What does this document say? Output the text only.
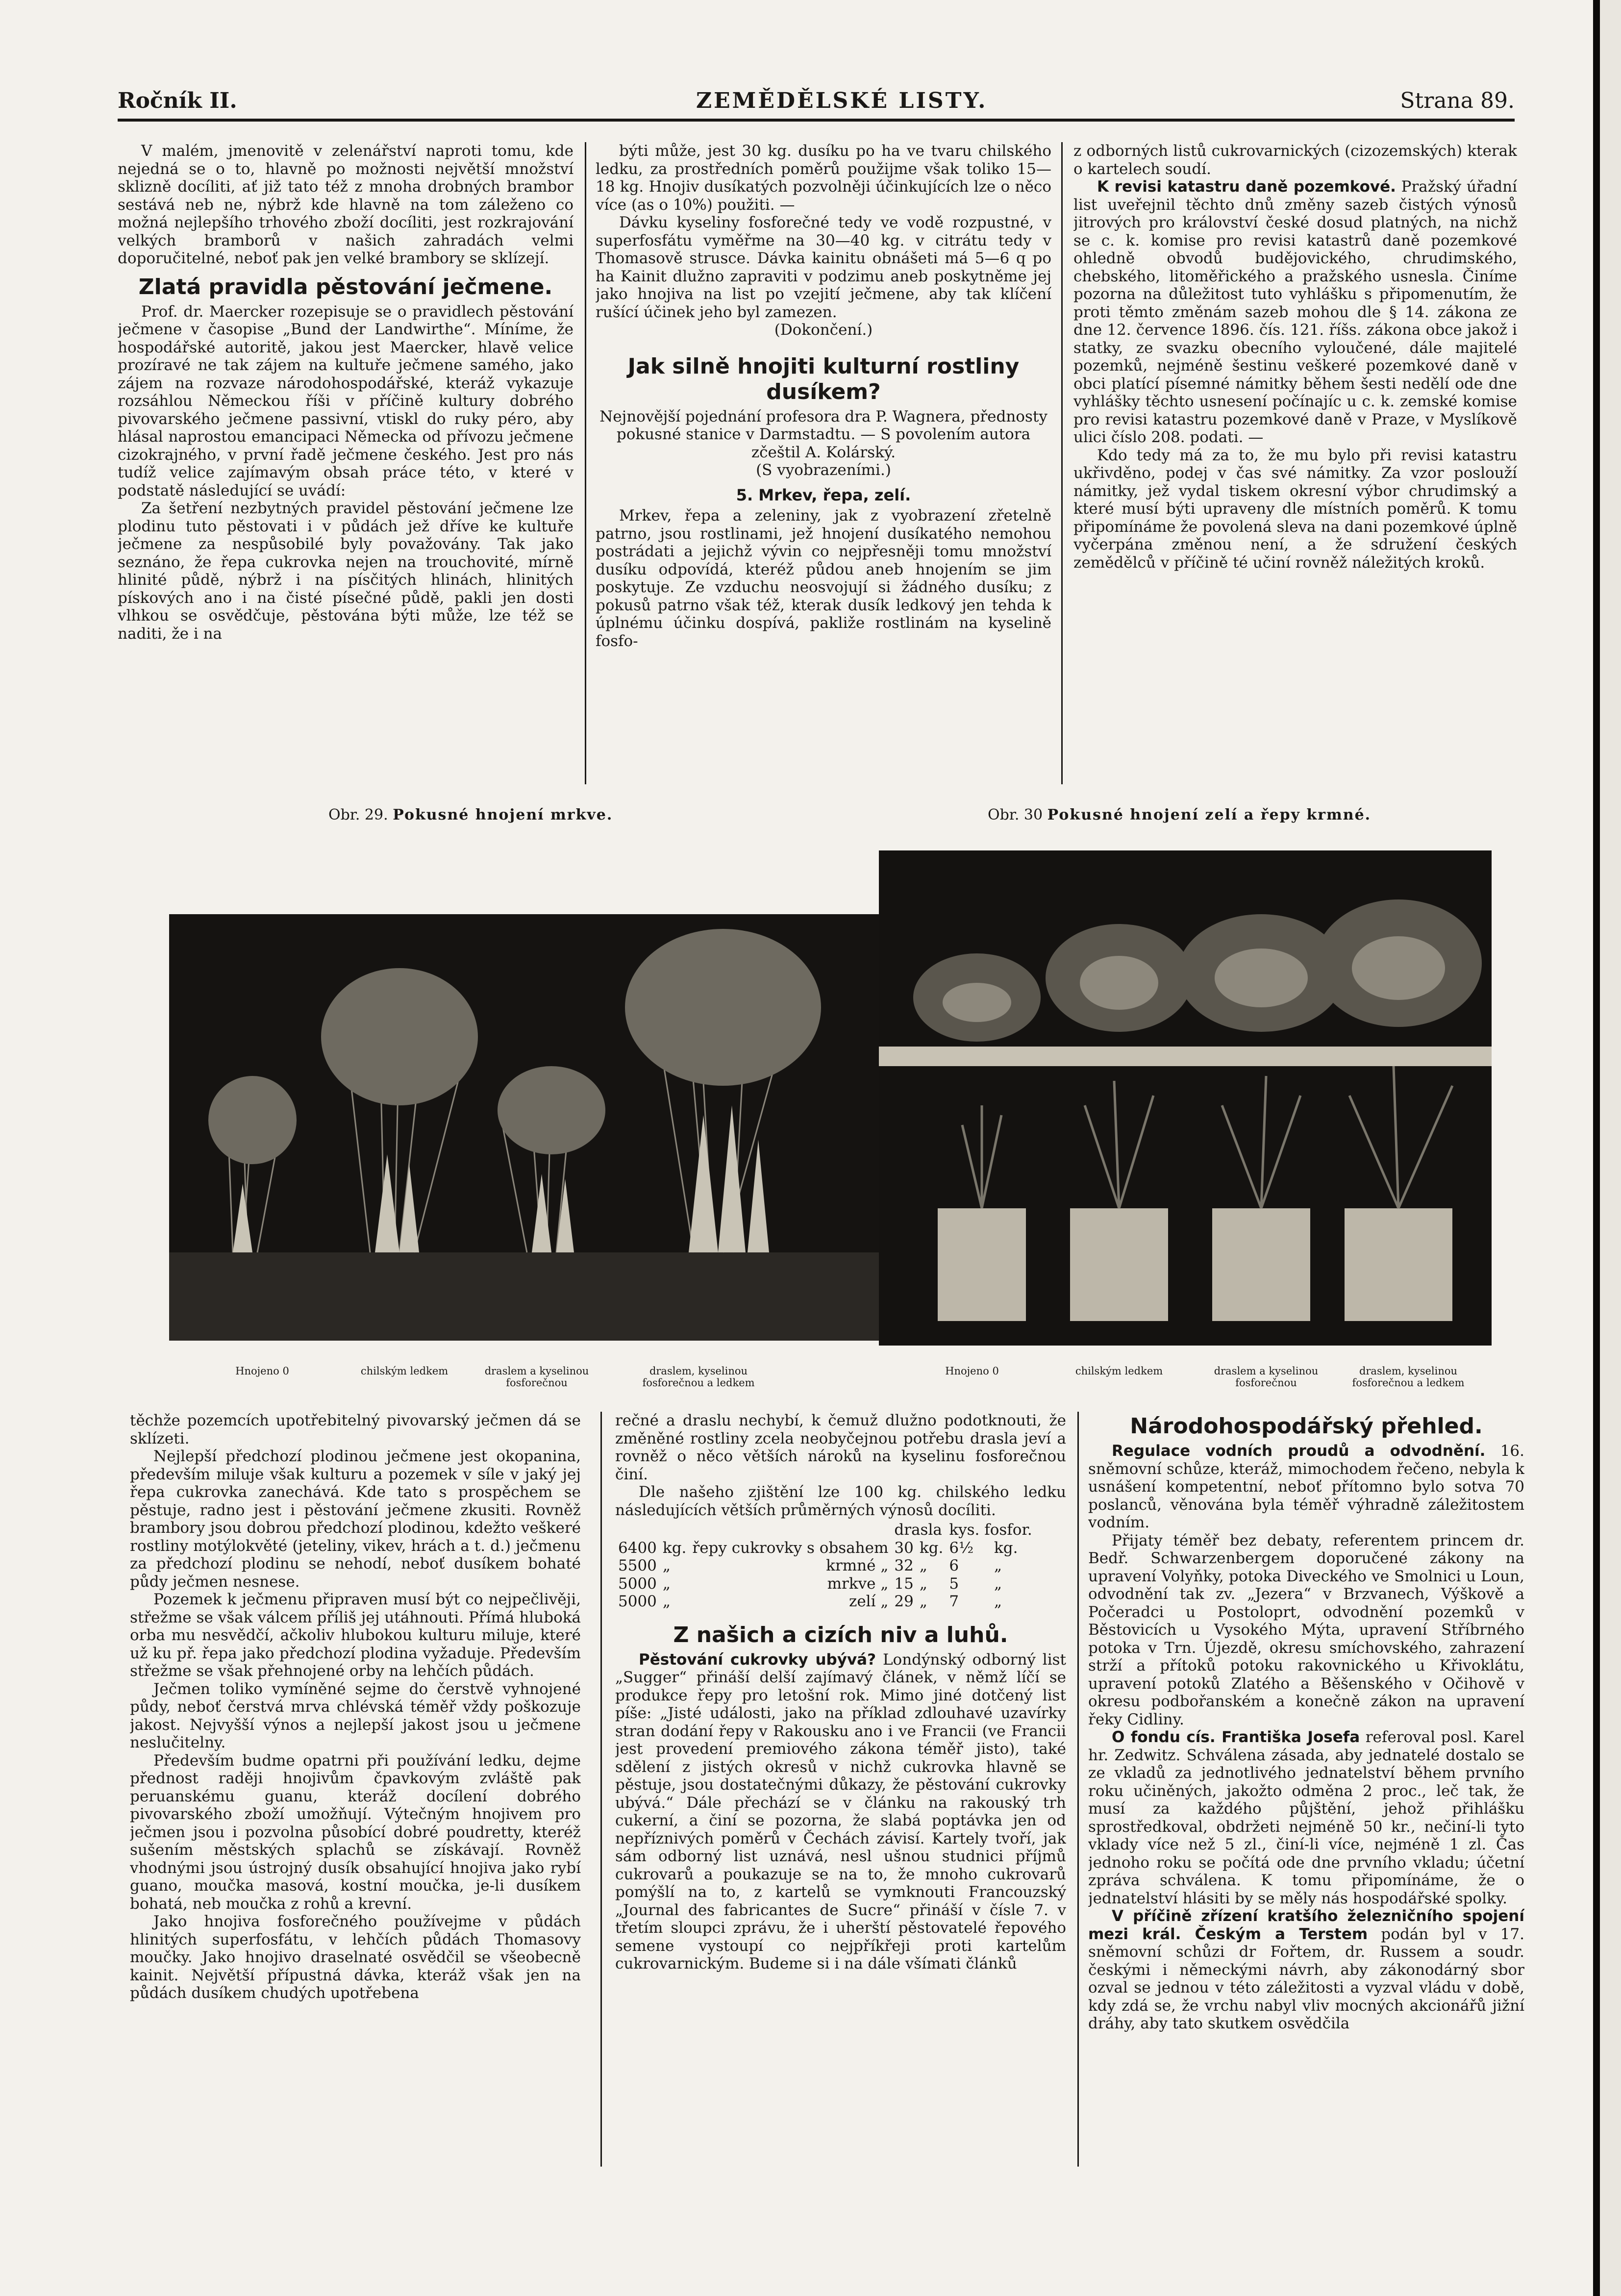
Ročník II.	ZEMĚDĚLSKÉ LISTY.	Strana 89.

V malém, jmenovitě v zelenářství naproti tomu, kde nejedná se o to, hlavně po možnosti největší množství sklizně docíliti, ať již tato též z mnoha drobných brambor sestává neb ne, nýbrž kde hlavně na tom záleženo co možná nejlepšího trhového zboží docíliti, jest rozkrajování velkých bramborů v našich zahradách velmi doporučitelné, neboť pak jen velké brambory se sklízejí.

Zlatá pravidla pěstování ječmene.

Prof. dr. Maercker rozepisuje se o pravidlech pěstování ječmene v časopise „Bund der Landwirthe“. Míníme, že hospodářské autoritě, jakou jest Maercker, hlavě velice prozíravé ne tak zájem na kultuře ječmene samého, jako zájem na rozvaze národohospodářské, kteráž vykazuje rozsáhlou Německou říši v příčině kultury dobrého pivovarského ječmene passivní, vtiskl do ruky péro, aby hlásal naprostou emancipaci Německa od přívozu ječmene cizokrajného, v první řadě ječmene českého. Jest pro nás tudíž velice zajímavým obsah práce této, v které v podstatě následující se uvádí:

Za šetření nezbytných pravidel pěstování ječmene lze plodinu tuto pěstovati i v půdách jež dříve ke kultuře ječmene za nespůsobilé byly považovány. Tak jako seznáno, že řepa cukrovka nejen na trouchovité, mírně hlinité půdě, nýbrž i na písčitých hlinách, hlinitých pískových ano i na čisté písečné půdě, pakli jen dosti vlhkou se osvědčuje, pěstována býti může, lze též se naditi, že i na

býti může, jest 30 kg. dusíku po ha ve tvaru chilského ledku, za prostředních poměrů použijme však toliko 15—18 kg. Hnojiv dusíkatých pozvolněji účinkujících lze o něco více (as o 10%) použiti. —

Dávku kyseliny fosforečné tedy ve vodě rozpustné, v superfosfátu vyměřme na 30—40 kg. v citrátu tedy v Thomasově strusce. Dávka kainitu obnášeti má 5—6 q po ha Kainit dlužno zapraviti v podzimu aneb poskytněme jej jako hnojiva na list po vzejití ječmene, aby tak klíčení rušící účinek jeho byl zamezen.

(Dokončení.)

Jak silně hnojiti kulturní rostliny dusíkem?

Nejnovější pojednání profesora dra P. Wagnera, přednosty pokusné stanice v Darmstadtu. — S povolením autora zčeštil A. Kolárský.

(S vyobrazeními.)

5. Mrkev, řepa, zelí.

Mrkev, řepa a zeleniny, jak z vyobrazení zřetelně patrno, jsou rostlinami, jež hnojení dusíkatého nemohou postrádati a jejichž vývin co nejpřesněji tomu množství dusíku odpovídá, kteréž půdou aneb hnojením se jim poskytuje. Ze vzduchu neosvojují si žádného dusíku; z pokusů patrno však též, kterak dusík ledkový jen tehda k úplnému účinku dospívá, pakliže rostlinám na kyselině fosfo-

z odborných listů cukrovarnických (cizozemských) kterak o kartelech soudí.

K revisi katastru daně pozemkové. Pražský úřadní list uveřejnil těchto dnů změny sazeb čistých výnosů jitrových pro království české dosud platných, na nichž se c. k. komise pro revisi katastrů daně pozemkové ohledně obvodů budějovického, chrudimského, chebského, litoměřického a pražského usnesla. Činíme pozorna na důležitost tuto vyhlášku s připomenutím, že proti těmto změnám sazeb mohou dle § 14. zákona ze dne 12. července 1896. čís. 121. říšs. zákona obce jakož i statky, ze svazku obecního vyloučené, dále majitelé pozemků, nejméně šestinu veškeré pozemkové daně v obci platící písemné námitky během šesti nedělí ode dne vyhlášky těchto usnesení počínajíc u c. k. zemské komise pro revisi katastru pozemkové daně v Praze, v Myslíkově ulici číslo 208. podati. —

Kdo tedy má za to, že mu bylo při revisi katastru ukřivděno, podej v čas své námitky. Za vzor poslouží námitky, jež vydal tiskem okresní výbor chrudimský a které musí býti upraveny dle místních poměrů. K tomu připomínáme že povolená sleva na dani pozemkové úplně vyčerpána změnou není, a že sdružení českých zemědělců v příčině té učiní rovněž náležitých kroků.

Obr. 29. Pokusné hnojení mrkve.
Hnojeno 0	chilským ledkem	draslem a kyselinou fosforečnou
draslem, kyselinou fosforečnou a ledkem
Obr. 30 Pokusné hnojení zelí a řepy krmné.
Hnojeno 0	chilským ledkem	draslem a kyselinou fosforečnou
draslem, kyselinou fosforečnou a ledkem

těchže pozemcích upotřebitelný pivovarský ječmen dá se sklízeti.

Nejlepší předchozí plodinou ječmene jest okopanina, především miluje však kulturu a pozemek v síle v jaký jej řepa cukrovka zanechává. Kde tato s prospěchem se pěstuje, radno jest i pěstování ječmene zkusiti. Rovněž brambory jsou dobrou předchozí plodinou, kdežto veškeré rostliny motýlokvěté (jeteliny, vikev, hrách a t. d.) ječmenu za předchozí plodinu se nehodí, neboť dusíkem bohaté půdy ječmen nesnese.

Pozemek k ječmenu připraven musí být co nejpečlivěji, střežme se však válcem příliš jej utáhnouti. Přímá hluboká orba mu nesvědčí, ačkoliv hlubokou kulturu miluje, které už ku př. řepa jako předchozí plodina vyžaduje. Především střežme se však přehnojené orby na lehčích půdách.

Ječmen toliko vymíněné sejme do čerstvě vyhnojené půdy, neboť čerstvá mrva chlévská téměř vždy poškozuje jakost. Nejvyšší výnos a nejlepší jakost jsou u ječmene neslučitelny.

Především budme opatrni při používání ledku, dejme přednost raději hnojivům čpavkovým zvláště pak peruanskému guanu, kteráž docílení dobrého pivovarského zboží umožňují. Výtečným hnojivem pro ječmen jsou i pozvolna působící dobré poudretty, kteréž sušením městských splachů se získávají. Rovněž vhodnými jsou ústrojný dusík obsahující hnojiva jako rybí guano, moučka masová, kostní moučka, je-li dusíkem bohatá, neb moučka z rohů a krevní.

Jako hnojiva fosforečného používejme v půdách hlinitých superfosfátu, v lehčích půdách Thomasovy moučky. Jako hnojivo draselnaté osvědčil se všeobecně kainit. Největší přípustná dávka, kteráž však jen na půdách dusíkem chudých upotřebena

rečné a draslu nechybí, k čemuž dlužno podotknouti, že změněné rostliny zcela neobyčejnou potřebu drasla jeví a rovněž o něco větších nároků na kyselinu fosforečnou činí.

Dle našeho zjištění lze 100 kg. chilského ledku následujících větších průměrných výnosů docíliti.

			drasla		kys. fosfor.	
6400	kg.	řepy cukrovky s obsahem	30	kg.	6½	kg.
5500	„	krmné „	32	„	6	„
5000	„	mrkve „	15	„	5	„
5000	„	zelí „	29	„	7	„
Z našich a cizích niv a luhů.

Pěstování cukrovky ubývá? Londýnský odborný list „Sugger“ přináší delší zajímavý článek, v němž líčí se produkce řepy pro letošní rok. Mimo jiné dotčený list píše: „Jisté události, jako na příklad zdlouhavé uzavírky stran dodání řepy v Rakousku ano i ve Francii (ve Francii jest provedení premiového zákona téměř jisto), také sdělení z jistých okresů v nichž cukrovka hlavně se pěstuje, jsou dostatečnými důkazy, že pěstování cukrovky ubývá.“ Dále přechází se v článku na rakouský trh cukerní, a činí se pozorna, že slabá poptávka jen od nepříznivých poměrů v Čechách závisí. Kartely tvoří, jak sám odborný list uznává, nesl ušnou studnici příjmů cukrovarů a poukazuje se na to, že mnoho cukrovarů pomýšlí na to, z kartelů se vymknouti Francouzský „Journal des fabricantes de Sucre“ přináší v čísle 7. v třetím sloupci zprávu, že i uherští pěstovatelé řepového semene vystoupí co nejpříkřeji proti kartelům cukrovarnickým. Budeme si i na dále všímati článků

Národohospodářský přehled.

Regulace vodních proudů a odvodnění. 16. sněmovní schůze, kteráž, mimochodem řečeno, nebyla k usnášení kompetentní, neboť přítomno bylo sotva 70 poslanců, věnována byla téměř výhradně záležitostem vodním.

Přijaty téměř bez debaty, referentem princem dr. Bedř. Schwarzenbergem doporučené zákony na upravení Volyňky, potoka Diveckého ve Smolnici u Loun, odvodnění tak zv. „Jezera“ v Brzvanech, Výškově a Počeradci u Postoloprt, odvodnění pozemků v Běstovicích u Vysokého Mýta, upravení Stříbrného potoka v Trn. Újezdě, okresu smíchovského, zahrazení strží a přítoků potoku rakovnického u Křivoklátu, upravení potoků Zlatého a Běšenského v Očihově v okresu podbořanském a konečně zákon na upravení řeky Cidliny.

O fondu cís. Františka Josefa referoval posl. Karel hr. Zedwitz. Schválena zásada, aby jednatelé dostalo se ze vkladů za jednotlivého jednatelství během prvního roku učiněných, jakožto odměna 2 proc., leč tak, že musí za každého půjštění, jehož přihlášku sprostředkoval, obdržeti nejméně 50 kr., nečiní-li tyto vklady více než 5 zl., činí-li více, nejméně 1 zl. Čas jednoho roku se počítá ode dne prvního vkladu; účetní zpráva schválena. K tomu připomínáme, že o jednatelství hlásiti by se měly nás hospodářské spolky.

V příčině zřízení kratšího železničního spojení mezi král. Českým a Terstem podán byl v 17. sněmovní schůzi dr Fořtem, dr. Russem a soudr. českými i německými návrh, aby zákonodárný sbor ozval se jednou v této záležitosti a vyzval vládu v době, kdy zdá se, že vrchu nabyl vliv mocných akcionářů jižní dráhy, aby tato skutkem osvědčila
